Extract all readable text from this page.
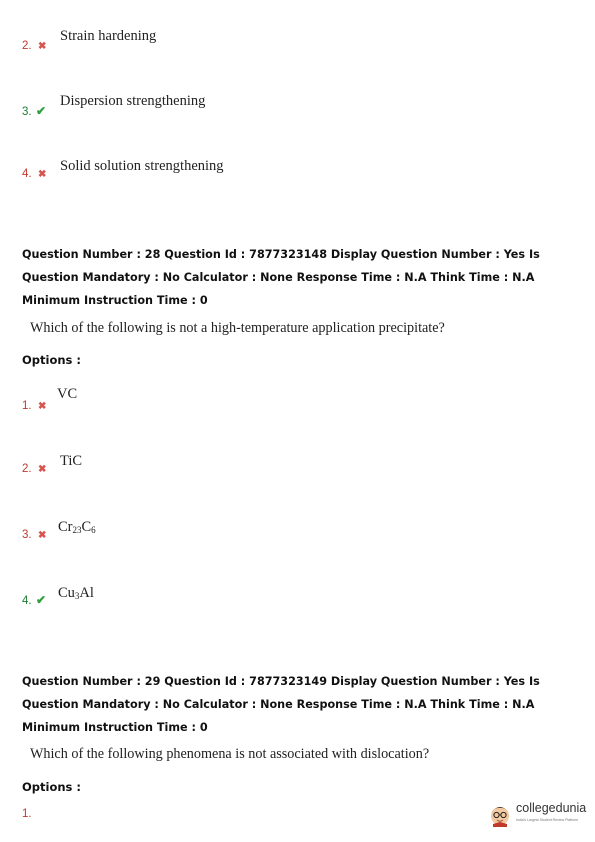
2. ✖
Strain hardening
3. ✔
Dispersion strengthening
4. ✖
Solid solution strengthening
Question Number : 28 Question Id : 7877323148 Display Question Number : Yes Is Question Mandatory : No Calculator : None Response Time : N.A Think Time : N.A Minimum Instruction Time : 0
Which of the following is not a high-temperature application precipitate?
Options :
1. ✖
VC
2. ✖
TiC
3. ✖
$Cr_{23}C_6$
4. ✔ $Cu_3Al$
Question Number : 29 Question Id : 7877323149 Display Question Number : Yes Is Question Mandatory : No Calculator : None Response Time : N.A Think Time : N.A Minimum Instruction Time : 0
Which of the following phenomena is not associated with dislocation?
Options :
1.	collegedunia
India's Largest Student Review Platform
